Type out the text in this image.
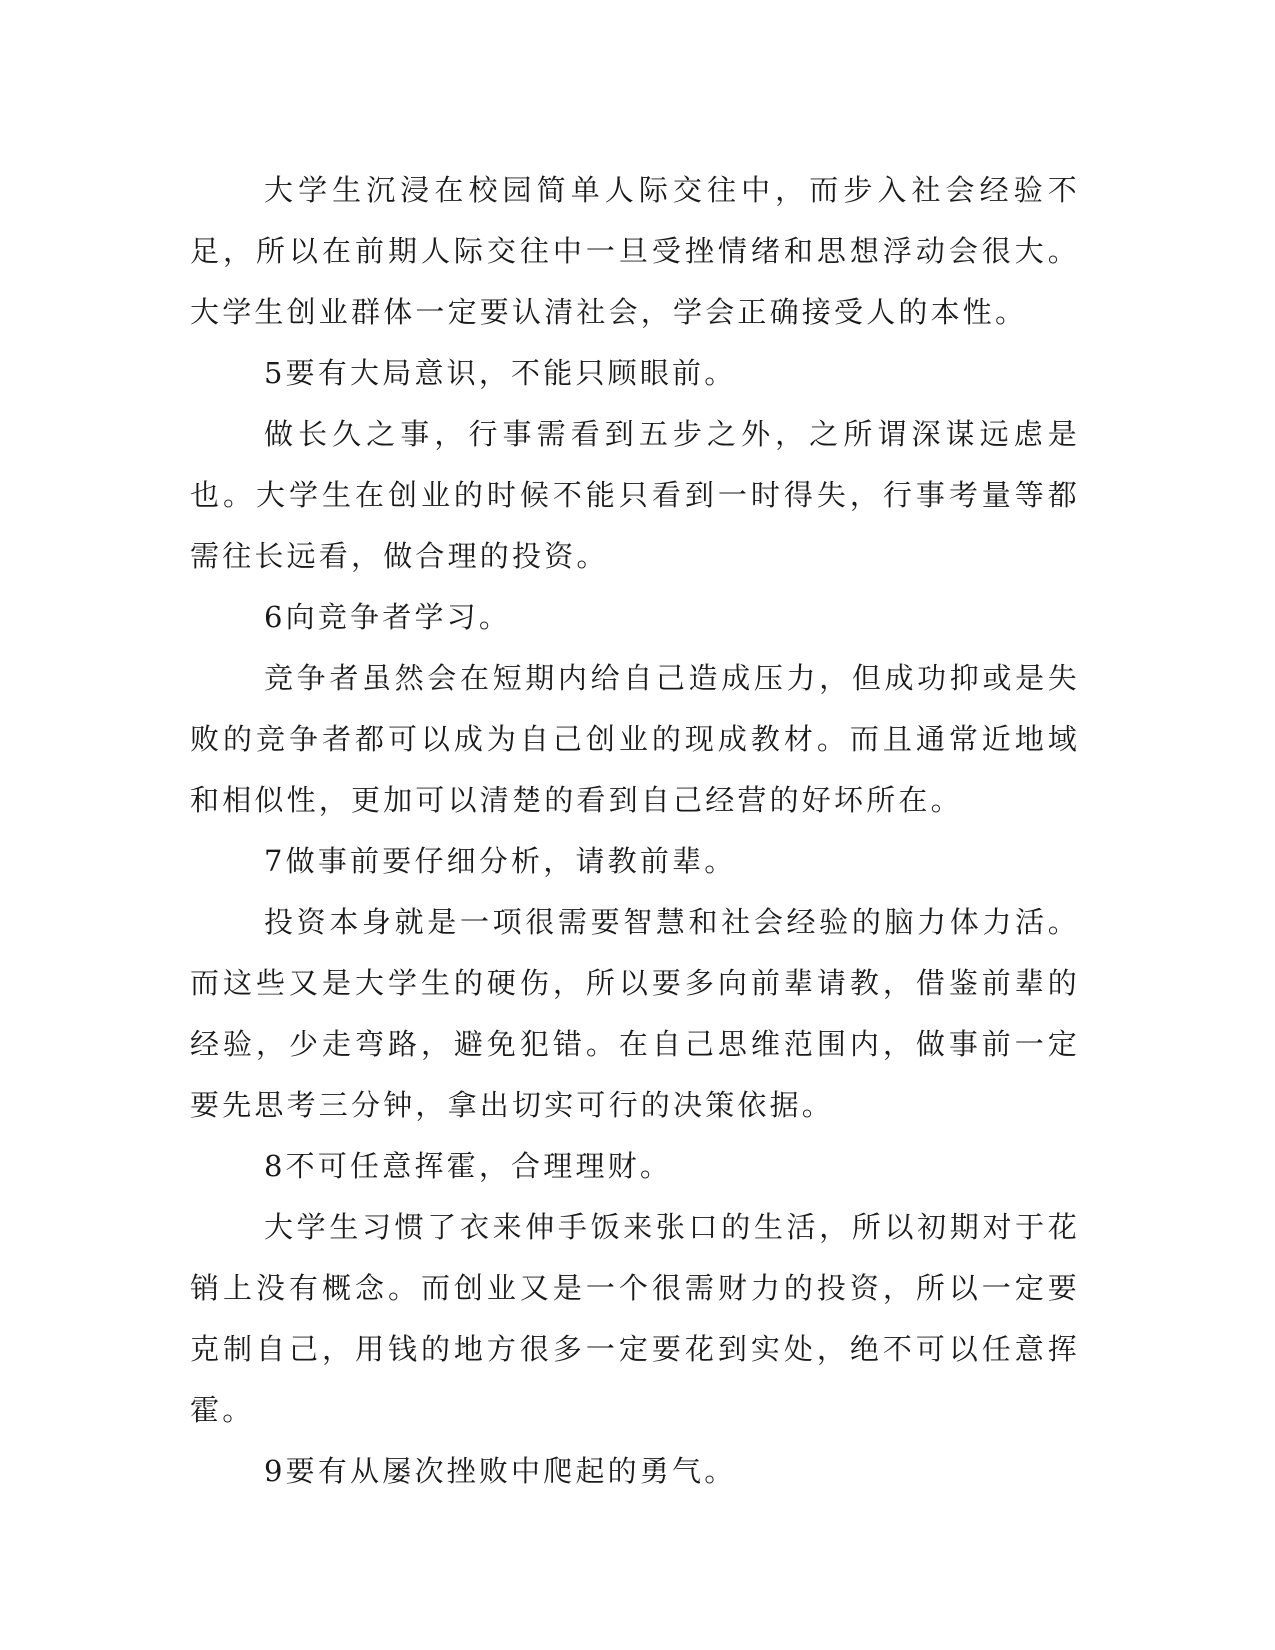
大学生沉浸在校园简单人际交往中，而步入社会经验不足，所以在前期人际交往中一旦受挫情绪和思想浮动会很大。大学生创业群体一定要认清社会，学会正确接受人的本性。

5要有大局意识，不能只顾眼前。

做长久之事，行事需看到五步之外，之所谓深谋远虑是也。大学生在创业的时候不能只看到一时得失，行事考量等都需往长远看，做合理的投资。

6向竞争者学习。

竞争者虽然会在短期内给自己造成压力，但成功抑或是失败的竞争者都可以成为自己创业的现成教材。而且通常近地域和相似性，更加可以清楚的看到自己经营的好坏所在。

7做事前要仔细分析，请教前辈。

投资本身就是一项很需要智慧和社会经验的脑力体力活。而这些又是大学生的硬伤，所以要多向前辈请教，借鉴前辈的经验，少走弯路，避免犯错。在自己思维范围内，做事前一定要先思考三分钟，拿出切实可行的决策依据。

8不可任意挥霍，合理理财。

大学生习惯了衣来伸手饭来张口的生活，所以初期对于花销上没有概念。而创业又是一个很需财力的投资，所以一定要克制自己，用钱的地方很多一定要花到实处，绝不可以任意挥霍。

9要有从屡次挫败中爬起的勇气。
